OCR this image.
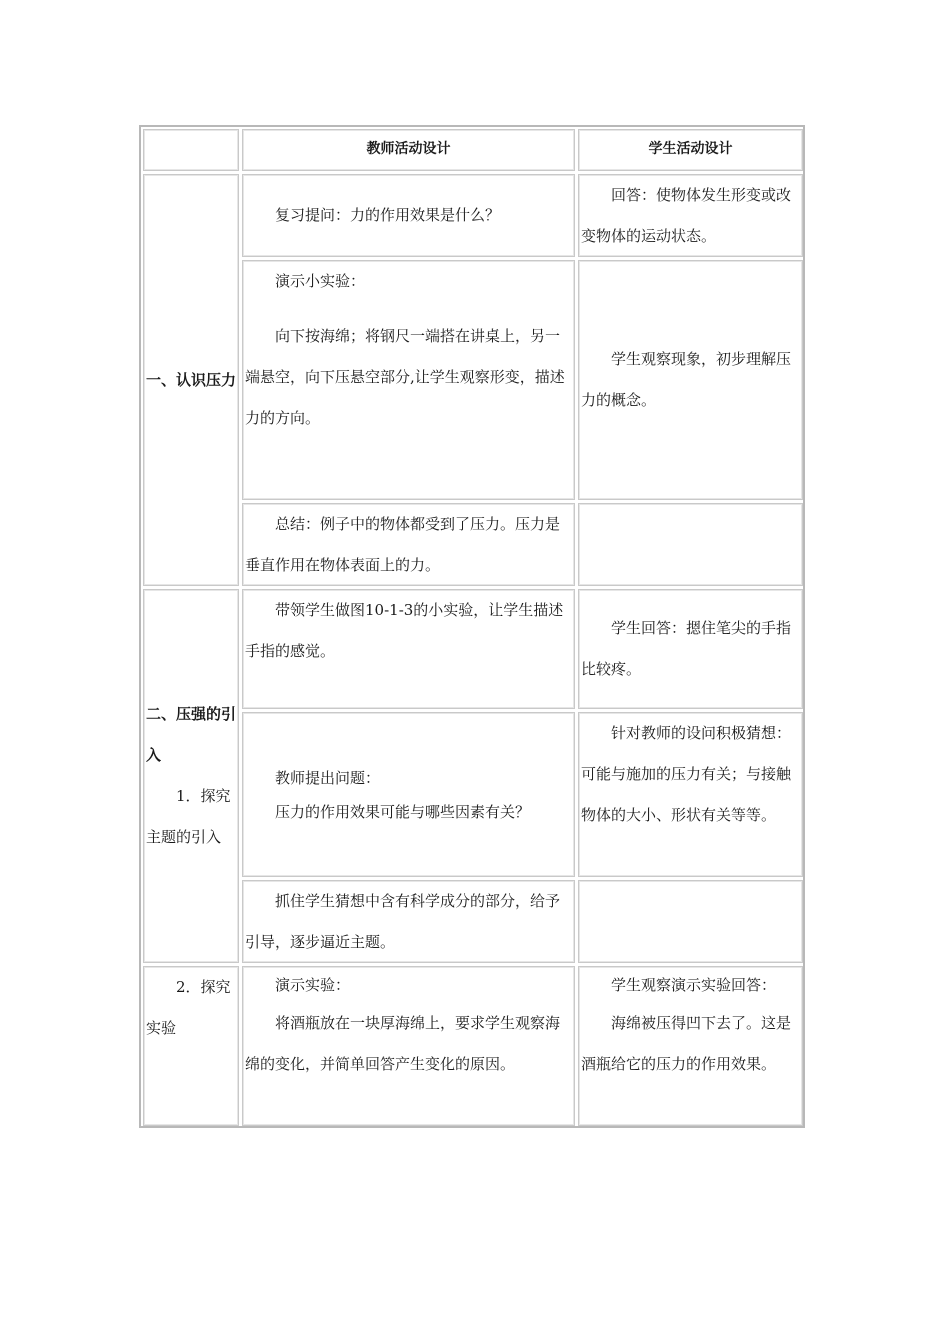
教师活动设计	学生活动设计
一、认识压力
复习提问：力的作用效果是什么？
回答：使物体发生形变或改变物体的运动状态。
演示小实验：
向下按海绵；将钢尺一端搭在讲桌上，另一端悬空，向下压悬空部分,让学生观察形变，描述力的方向。
学生观察现象，初步理解压力的概念。
总结：例子中的物体都受到了压力。压力是垂直作用在物体表面上的力。
二、压强的引入
1．探究主题的引入
带领学生做图10-1-3的小实验，让学生描述手指的感觉。
学生回答：摁住笔尖的手指比较疼。
教师提出问题：
压力的作用效果可能与哪些因素有关？
针对教师的设问积极猜想：可能与施加的压力有关；与接触物体的大小、形状有关等等。
抓住学生猜想中含有科学成分的部分，给予引导，逐步逼近主题。
2．探究实验
演示实验：
将酒瓶放在一块厚海绵上，要求学生观察海绵的变化，并简单回答产生变化的原因。
学生观察演示实验回答：
海绵被压得凹下去了。这是酒瓶给它的压力的作用效果。
